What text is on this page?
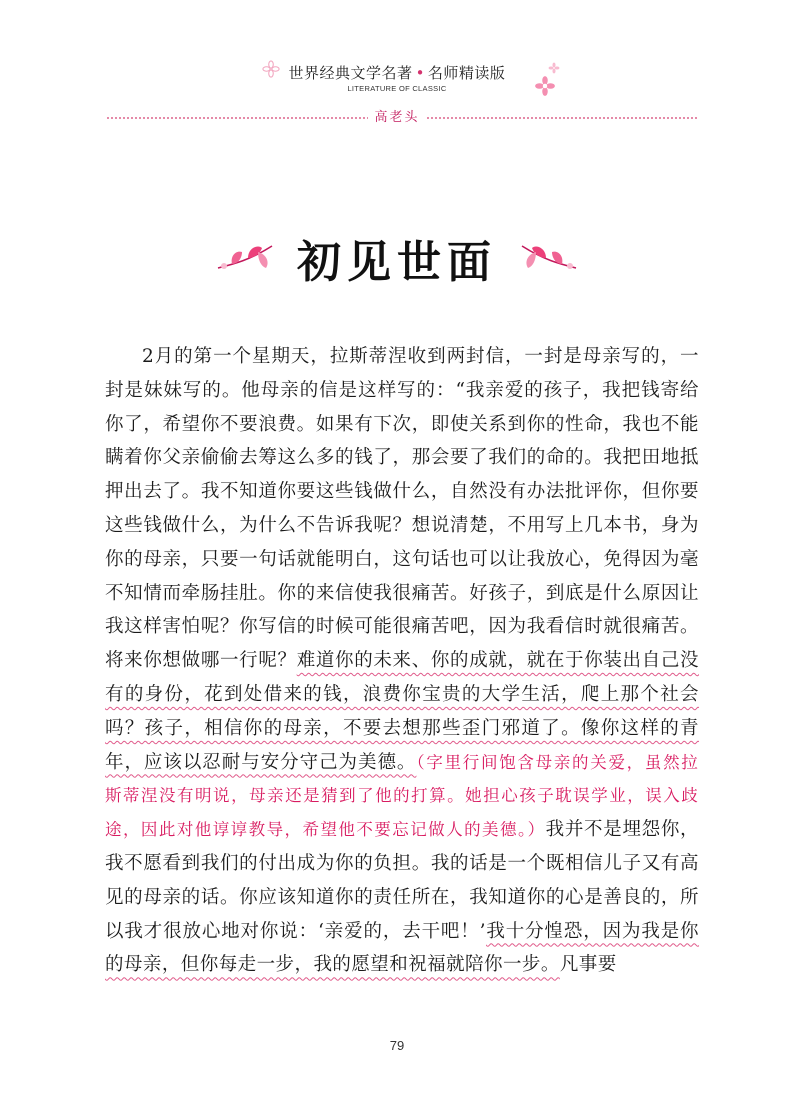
世界经典文学名著 • 名师精读版
LITERATURE OF CLASSIC
高老头
初见世面

2月的第一个星期天，拉斯蒂涅收到两封信，一封是母亲写的，一封是妹妹写的。他母亲的信是这样写的：“我亲爱的孩子，我把钱寄给你了，希望你不要浪费。如果有下次，即使关系到你的性命，我也不能瞒着你父亲偷偷去筹这么多的钱了，那会要了我们的命的。我把田地抵押出去了。我不知道你要这些钱做什么，自然没有办法批评你，但你要这些钱做什么，为什么不告诉我呢？想说清楚，不用写上几本书，身为你的母亲，只要一句话就能明白，这句话也可以让我放心，免得因为毫不知情而牵肠挂肚。你的来信使我很痛苦。好孩子，到底是什么原因让我这样害怕呢？你写信的时候可能很痛苦吧，因为我看信时就很痛苦。将来你想做哪一行呢？难道你的未来、你的成就，就在于你装出自己没有的身份，花到处借来的钱，浪费你宝贵的大学生活，爬上那个社会吗？孩子，相信你的母亲，不要去想那些歪门邪道了。像你这样的青年，应该以忍耐与安分守己为美德。（字里行间饱含母亲的关爱，虽然拉斯蒂涅没有明说，母亲还是猜到了他的打算。她担心孩子耽误学业，误入歧途，因此对他谆谆教导，希望他不要忘记做人的美德。）我并不是埋怨你，我不愿看到我们的付出成为你的负担。我的话是一个既相信儿子又有高见的母亲的话。你应该知道你的责任所在，我知道你的心是善良的，所以我才很放心地对你说：‘亲爱的，去干吧！’我十分惶恐，因为我是你的母亲，但你每走一步，我的愿望和祝福就陪你一步。凡事要

79
